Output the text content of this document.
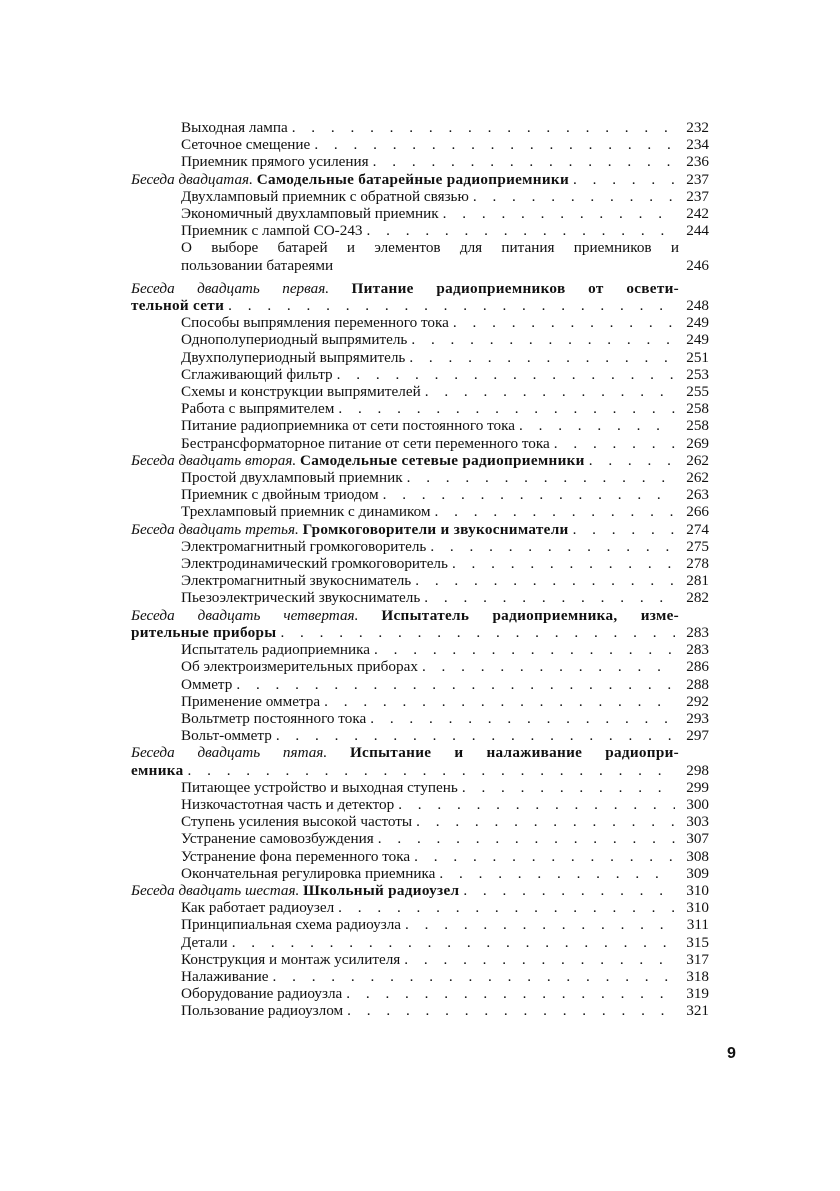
Выходная лампа . . .	232
Сеточное смещение . . .	234
Приемник прямого усиления . . .	236
Беседа двадцатая. Самодельные батарейные радиоприемники . . .	237
Двухламповый приемник с обратной связью . . .	237
Экономичный двухламповый приемник . . .	242
Приемник с лампой СО-243 . . .	244
О выборе батарей и элементов для питания приемников и
пользовании батареями	246
Беседа двадцать первая. Питание радиоприемников от освети-
тельной сети . . .	248
Способы выпрямления переменного тока . . .	249
Однополупериодный выпрямитель . . .	249
Двухполупериодный выпрямитель . . .	251
Сглаживающий фильтр . . .	253
Схемы и конструкции выпрямителей . . .	255
Работа с выпрямителем . . .	258
Питание радиоприемника от сети постоянного тока . . .	258
Бестрансформаторное питание от сети переменного тока . . .	269
Беседа двадцать вторая. Самодельные сетевые радиоприемники . . .	262
Простой двухламповый приемник . . .	262
Приемник с двойным триодом . . .	263
Трехламповый приемник с динамиком . . .	266
Беседа двадцать третья. Громкоговорители и звукосниматели . . .	274
Электромагнитный громкоговоритель . . .	275
Электродинамический громкоговоритель . . .	278
Электромагнитный звукосниматель . . .	281
Пьезоэлектрический звукосниматель . . .	282
Беседа двадцать четвертая. Испытатель радиоприемника, изме-
рительные приборы . . .	283
Испытатель радиоприемника . . .	283
Об электроизмерительных приборах . . .	286
Омметр . . .	288
Применение омметра . . .	292
Вольтметр постоянного тока . . .	293
Вольт-омметр . . .	297
Беседа двадцать пятая. Испытание и налаживание радиопри-
емника . . .	298
Питающее устройство и выходная ступень . . .	299
Низкочастотная часть и детектор . . .	300
Ступень усиления высокой частоты . . .	303
Устранение самовозбуждения . . .	307
Устранение фона переменного тока . . .	308
Окончательная регулировка приемника . . .	309
Беседа двадцать шестая. Школьный радиоузел . . .	310
Как работает радиоузел . . .	310
Принципиальная схема радиоузла . . .	311
Детали . . .	315
Конструкция и монтаж усилителя . . .	317
Налаживание . . .	318
Оборудование радиоузла . . .	319
Пользование радиоузлом . . .	321
9
